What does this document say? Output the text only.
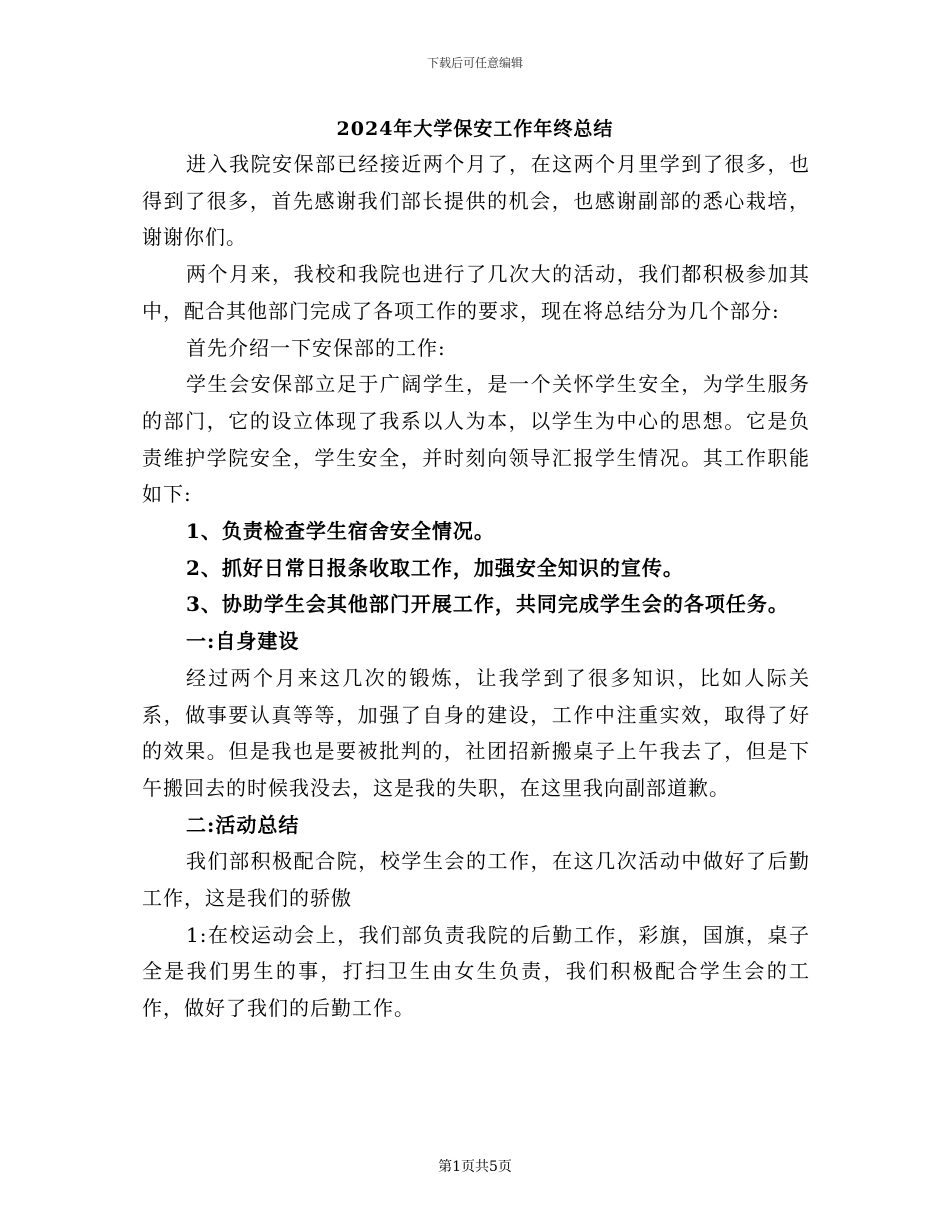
下载后可任意编辑
2024年大学保安工作年终总结

进入我院安保部已经接近两个月了，在这两个月里学到了很多，也得到了很多，首先感谢我们部长提供的机会，也感谢副部的悉心栽培，谢谢你们。

两个月来，我校和我院也进行了几次大的活动，我们都积极参加其中，配合其他部门完成了各项工作的要求，现在将总结分为几个部分:

首先介绍一下安保部的工作:

学生会安保部立足于广阔学生，是一个关怀学生安全，为学生服务的部门，它的设立体现了我系以人为本，以学生为中心的思想。它是负责维护学院安全，学生安全，并时刻向领导汇报学生情况。其工作职能如下:

1、负责检查学生宿舍安全情况。

2、抓好日常日报条收取工作，加强安全知识的宣传。

3、协助学生会其他部门开展工作，共同完成学生会的各项任务。

一:自身建设

经过两个月来这几次的锻炼，让我学到了很多知识，比如人际关系，做事要认真等等，加强了自身的建设，工作中注重实效，取得了好的效果。但是我也是要被批判的，社团招新搬桌子上午我去了，但是下午搬回去的时候我没去，这是我的失职，在这里我向副部道歉。

二:活动总结

我们部积极配合院，校学生会的工作，在这几次活动中做好了后勤工作，这是我们的骄傲

1:在校运动会上，我们部负责我院的后勤工作，彩旗，国旗，桌子全是我们男生的事，打扫卫生由女生负责，我们积极配合学生会的工作，做好了我们的后勤工作。

第1页共5页
